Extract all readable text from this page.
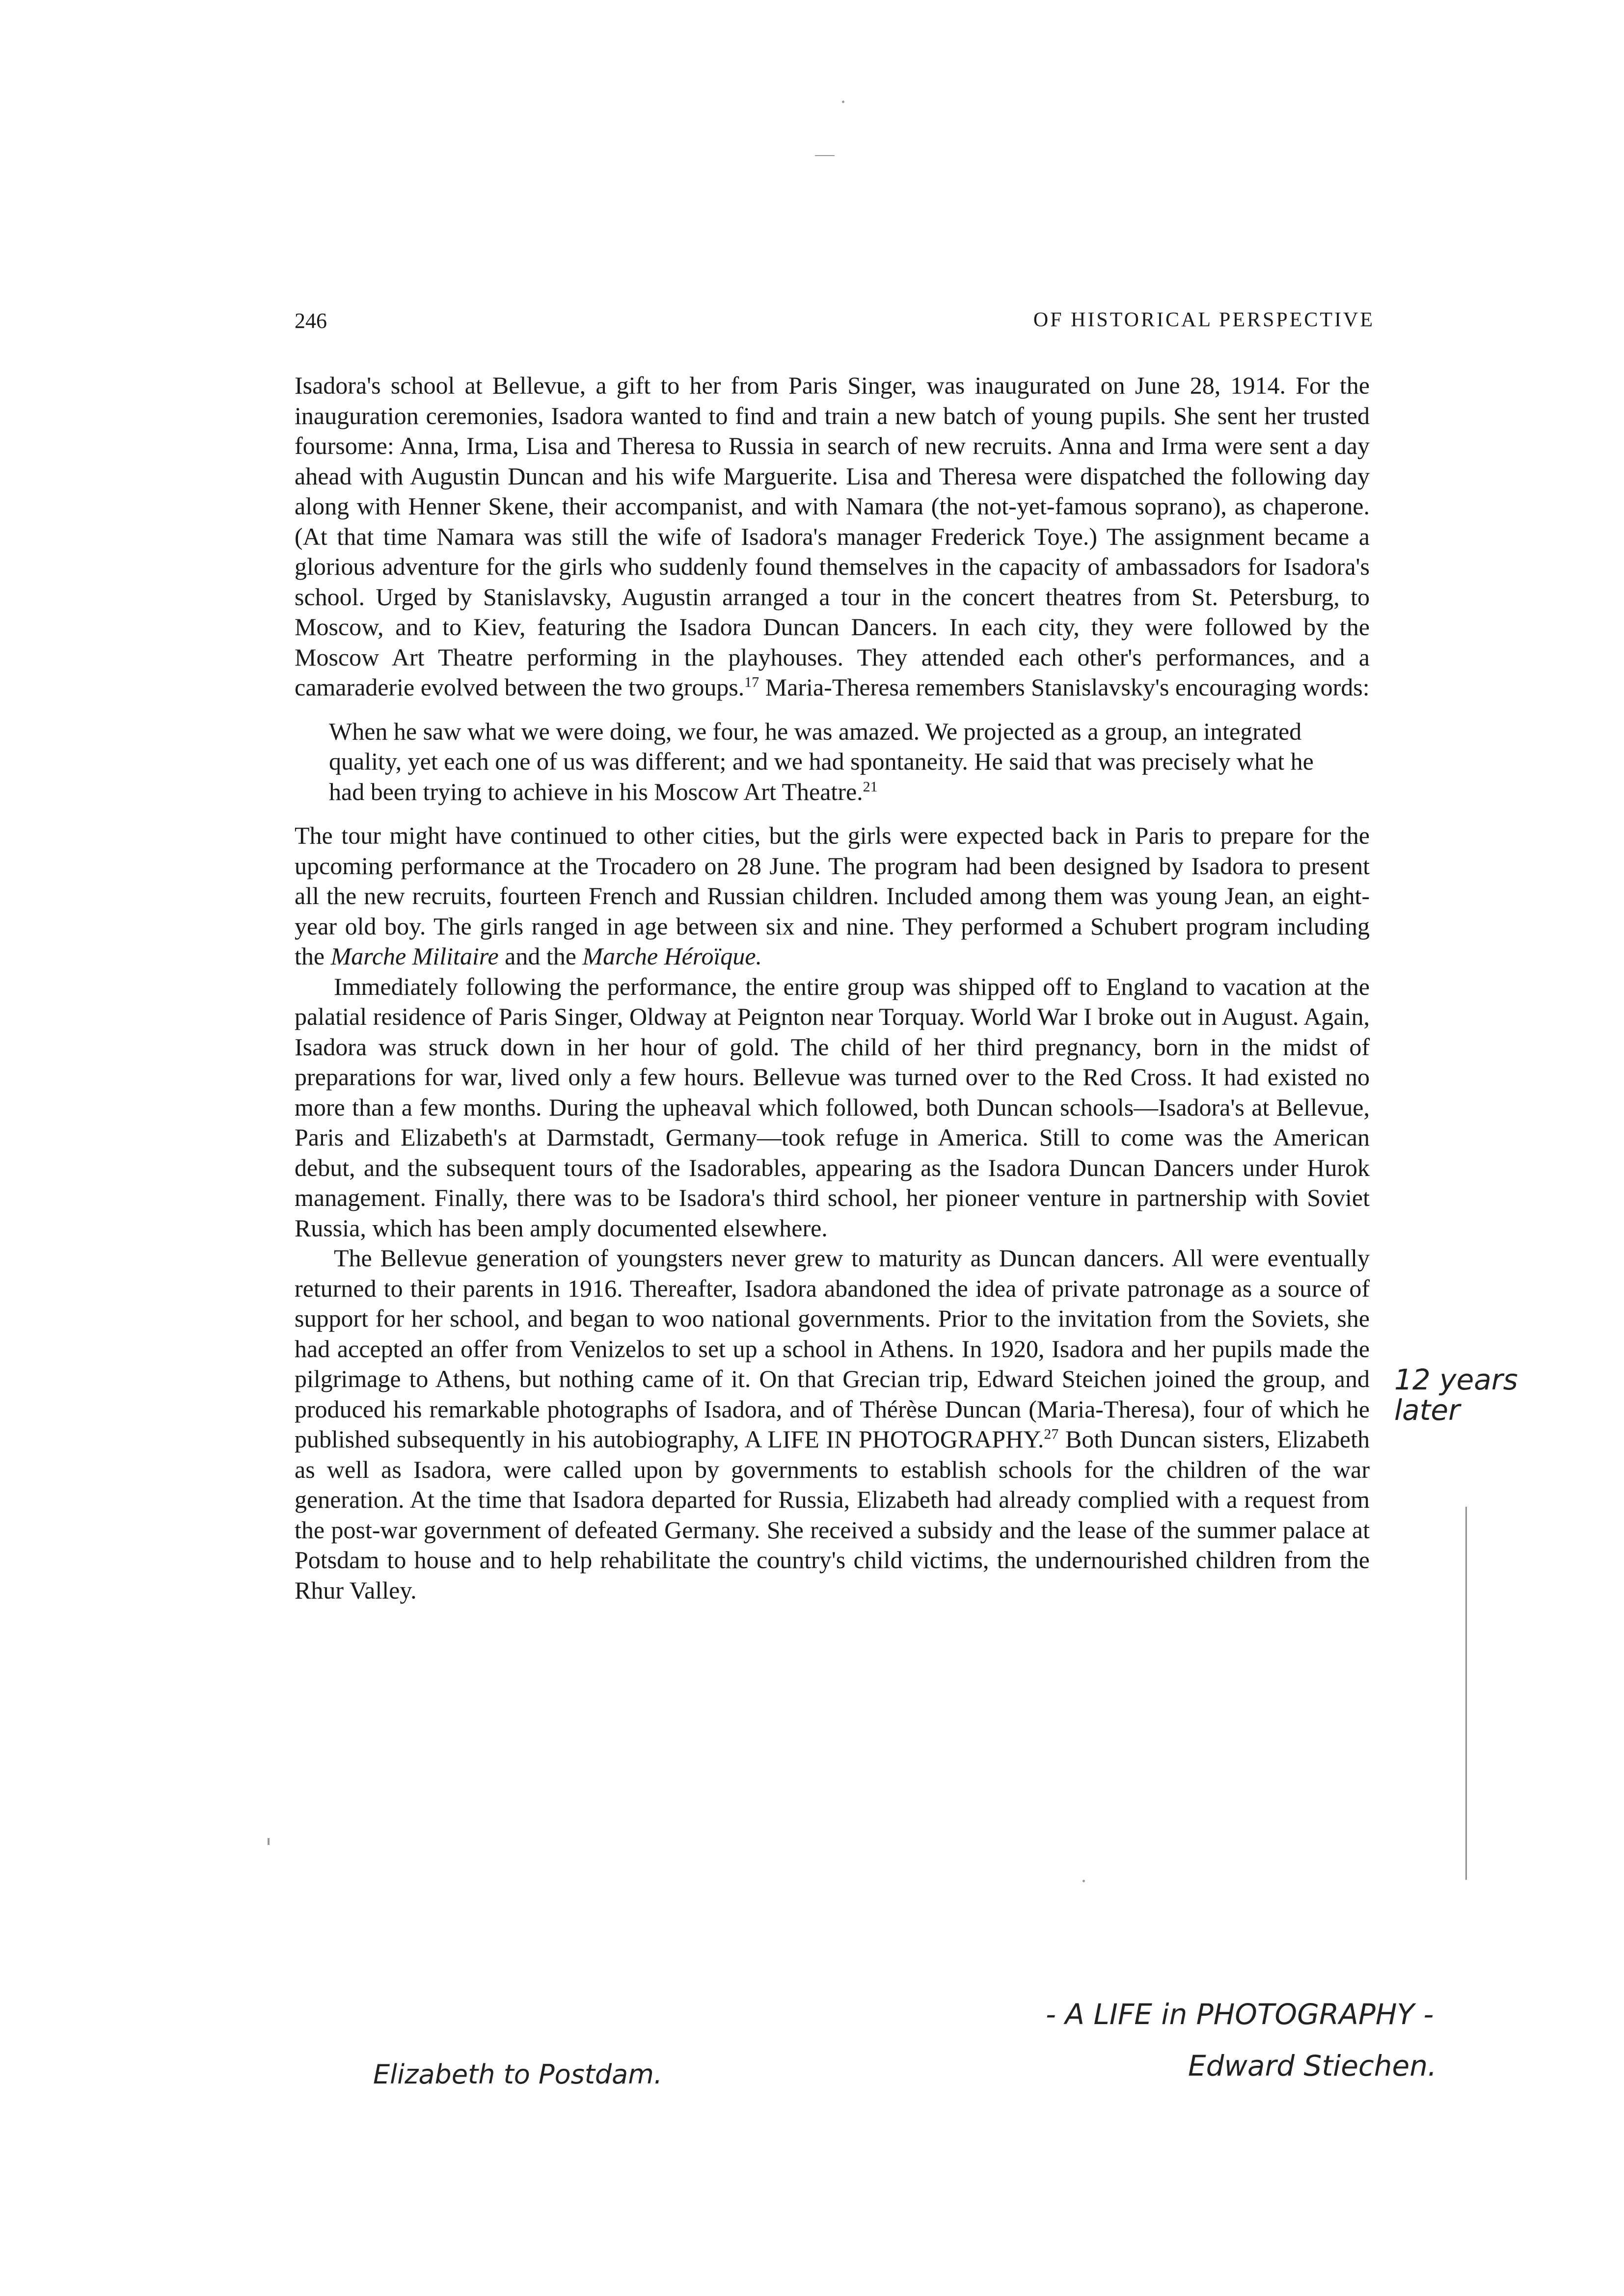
246	OF HISTORICAL PERSPECTIVE

Isadora's school at Bellevue, a gift to her from Paris Singer, was inaugurated on June 28, 1914. For the inauguration ceremonies, Isadora wanted to find and train a new batch of young pupils. She sent her trusted foursome: Anna, Irma, Lisa and Theresa to Russia in search of new recruits. Anna and Irma were sent a day ahead with Augustin Duncan and his wife Marguerite. Lisa and Theresa were dispatched the following day along with Henner Skene, their accompanist, and with Namara (the not-yet-famous soprano), as chaperone. (At that time Namara was still the wife of Isadora's manager Frederick Toye.) The assignment became a glorious adventure for the girls who suddenly found themselves in the capacity of ambassadors for Isadora's school. Urged by Stanislavsky, Augustin arranged a tour in the concert theatres from St. Petersburg, to Moscow, and to Kiev, featuring the Isadora Duncan Dancers. In each city, they were followed by the Moscow Art Theatre performing in the playhouses. They attended each other's performances, and a camaraderie evolved between the two groups.$^{17}$ Maria-Theresa remembers Stanislavsky's encouraging words:

When he saw what we were doing, we four, he was amazed. We projected as a group, an integrated quality, yet each one of us was different; and we had spontaneity. He said that was precisely what he had been trying to achieve in his Moscow Art Theatre.$^{21}$

The tour might have continued to other cities, but the girls were expected back in Paris to prepare for the upcoming performance at the Trocadero on 28 June. The program had been designed by Isadora to present all the new recruits, fourteen French and Russian children. Included among them was young Jean, an eight-year old boy. The girls ranged in age between six and nine. They performed a Schubert program including the Marche Militaire and the Marche Héroïque.

Immediately following the performance, the entire group was shipped off to England to vacation at the palatial residence of Paris Singer, Oldway at Peignton near Torquay. World War I broke out in August. Again, Isadora was struck down in her hour of gold. The child of her third pregnancy, born in the midst of preparations for war, lived only a few hours. Bellevue was turned over to the Red Cross. It had existed no more than a few months. During the upheaval which followed, both Duncan schools—Isadora's at Bellevue, Paris and Elizabeth's at Darmstadt, Germany—took refuge in America. Still to come was the American debut, and the subsequent tours of the Isadorables, appearing as the Isadora Duncan Dancers under Hurok management. Finally, there was to be Isadora's third school, her pioneer venture in partnership with Soviet Russia, which has been amply documented elsewhere.

The Bellevue generation of youngsters never grew to maturity as Duncan dancers. All were eventually returned to their parents in 1916. Thereafter, Isadora abandoned the idea of private patronage as a source of support for her school, and began to woo national governments. Prior to the invitation from the Soviets, she had accepted an offer from Venizelos to set up a school in Athens. In 1920, Isadora and her pupils made the pilgrimage to Athens, but nothing came of it. On that Grecian trip, Edward Steichen joined the group, and produced his remarkable photographs of Isadora, and of Thérèse Duncan (Maria-Theresa), four of which he published subsequently in his autobiography, A LIFE IN PHOTOGRAPHY.$^{27}$ Both Duncan sisters, Elizabeth as well as Isadora, were called upon by governments to establish schools for the children of the war generation. At the time that Isadora departed for Russia, Elizabeth had already complied with a request from the post-war government of defeated Germany. She received a subsidy and the lease of the summer palace at Potsdam to house and to help rehabilitate the country's child victims, the undernourished children from the Rhur Valley.

12 years later
Elizabeth to Postdam.
- A LIFE in PHOTOGRAPHY -
Edward Stiechen.
